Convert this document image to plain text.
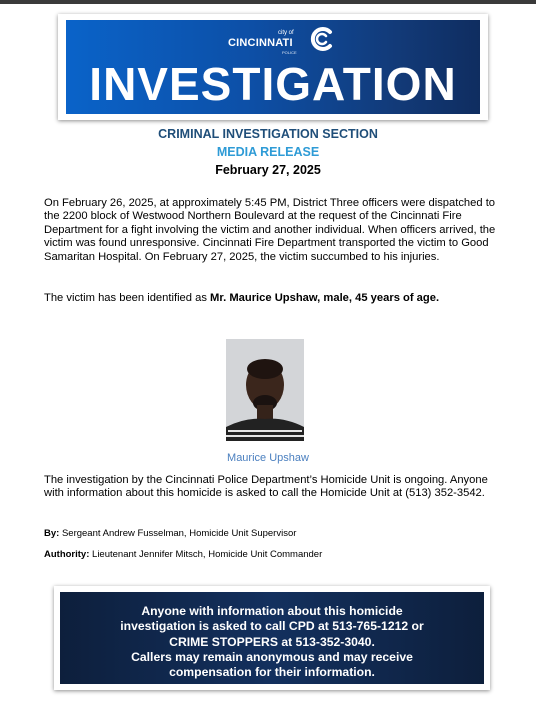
city of
CINCINNATI
POLICE
INVESTIGATION
CRIMINAL INVESTIGATION SECTION
MEDIA RELEASE
February 27, 2025
On February 26, 2025, at approximately 5:45 PM, District Three officers were dispatched to the 2200 block of Westwood Northern Boulevard at the request of the Cincinnati Fire Department for a fight involving the victim and another individual. When officers arrived, the victim was found unresponsive. Cincinnati Fire Department transported the victim to Good Samaritan Hospital. On February 27, 2025, the victim succumbed to his injuries.
The victim has been identified as Mr. Maurice Upshaw, male, 45 years of age.
Maurice Upshaw
The investigation by the Cincinnati Police Department’s Homicide Unit is ongoing. Anyone with information about this homicide is asked to call the Homicide Unit at (513) 352-3542.
By: Sergeant Andrew Fusselman, Homicide Unit Supervisor
Authority: Lieutenant Jennifer Mitsch, Homicide Unit Commander
Anyone with information about this homicide
investigation is asked to call CPD at 513-765-1212 or
CRIME STOPPERS at 513-352-3040.
Callers may remain anonymous and may receive
compensation for their information.
